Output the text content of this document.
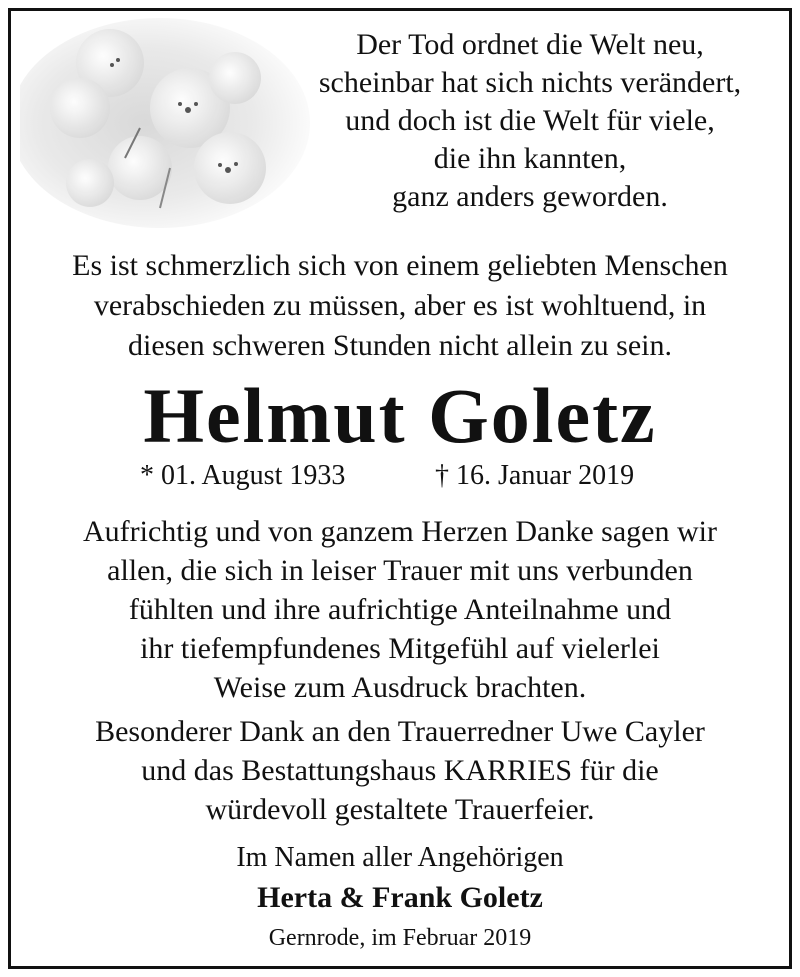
Der Tod ordnet die Welt neu,
scheinbar hat sich nichts verändert,
und doch ist die Welt für viele,
die ihn kannten,
ganz anders geworden.
Es ist schmerzlich sich von einem geliebten Menschen
verabschieden zu müssen, aber es ist wohltuend, in
diesen schweren Stunden nicht allein zu sein.
Helmut Goletz
* 01. August 1933	† 16. Januar 2019
Aufrichtig und von ganzem Herzen Danke sagen wir
allen, die sich in leiser Trauer mit uns verbunden
fühlten und ihre aufrichtige Anteilnahme und
ihr tiefempfundenes Mitgefühl auf vielerlei
Weise zum Ausdruck brachten.
Besonderer Dank an den Trauerredner Uwe Cayler
und das Bestattungshaus KARRIES für die
würdevoll gestaltete Trauerfeier.
Im Namen aller Angehörigen
Herta & Frank Goletz
Gernrode, im Februar 2019
